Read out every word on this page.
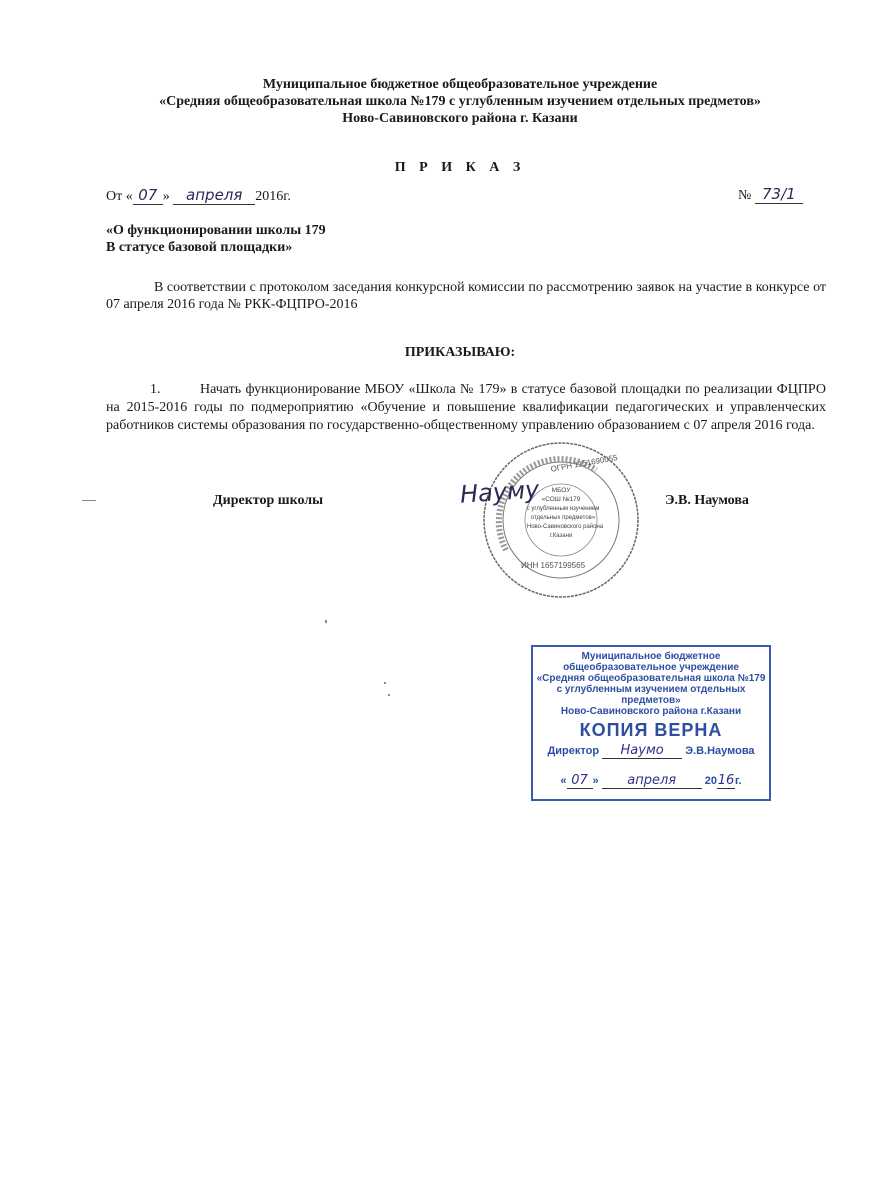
Муниципальное бюджетное общеобразовательное учреждение
«Средняя общеобразовательная школа №179 с углубленным изучением отдельных предметов»
Ново-Савиновского района г. Казани
П Р И К А З
От « 07 » апреля 2016г.	№ 73/1
«О функционировании школы 179
В статусе базовой площадки»
В соответствии с протоколом заседания конкурсной комиссии по рассмотрению заявок на участие в конкурсе от 07 апреля 2016 года № РКК-ФЦПРО-2016
ПРИКАЗЫВАЮ:
1.	Начать функционирование МБОУ «Школа № 179» в статусе базовой площадки по реализации ФЦПРО на 2015-2016 годы по подмероприятию «Обучение и повышение квалификации педагогических и управленческих работников системы образования по государственно-общественному управлению образованием с 07 апреля 2016 года.
Директор школы
ОГРН 1151690055
МБОУ
«СОШ №179
с углубленным изучением
отдельных предметов»
Ново-Савиновского района
г.Казани
ИНН 1657199565
Науму	Э.В. Наумова
Муниципальное бюджетное
общеобразовательное учреждение
«Средняя общеобразовательная школа №179
с углубленным изучением отдельных предметов»
Ново-Савиновского района г.Казани
КОПИЯ ВЕРНА
Директор Наумо Э.В.Наумова
« 07 » апреля	2016г.
